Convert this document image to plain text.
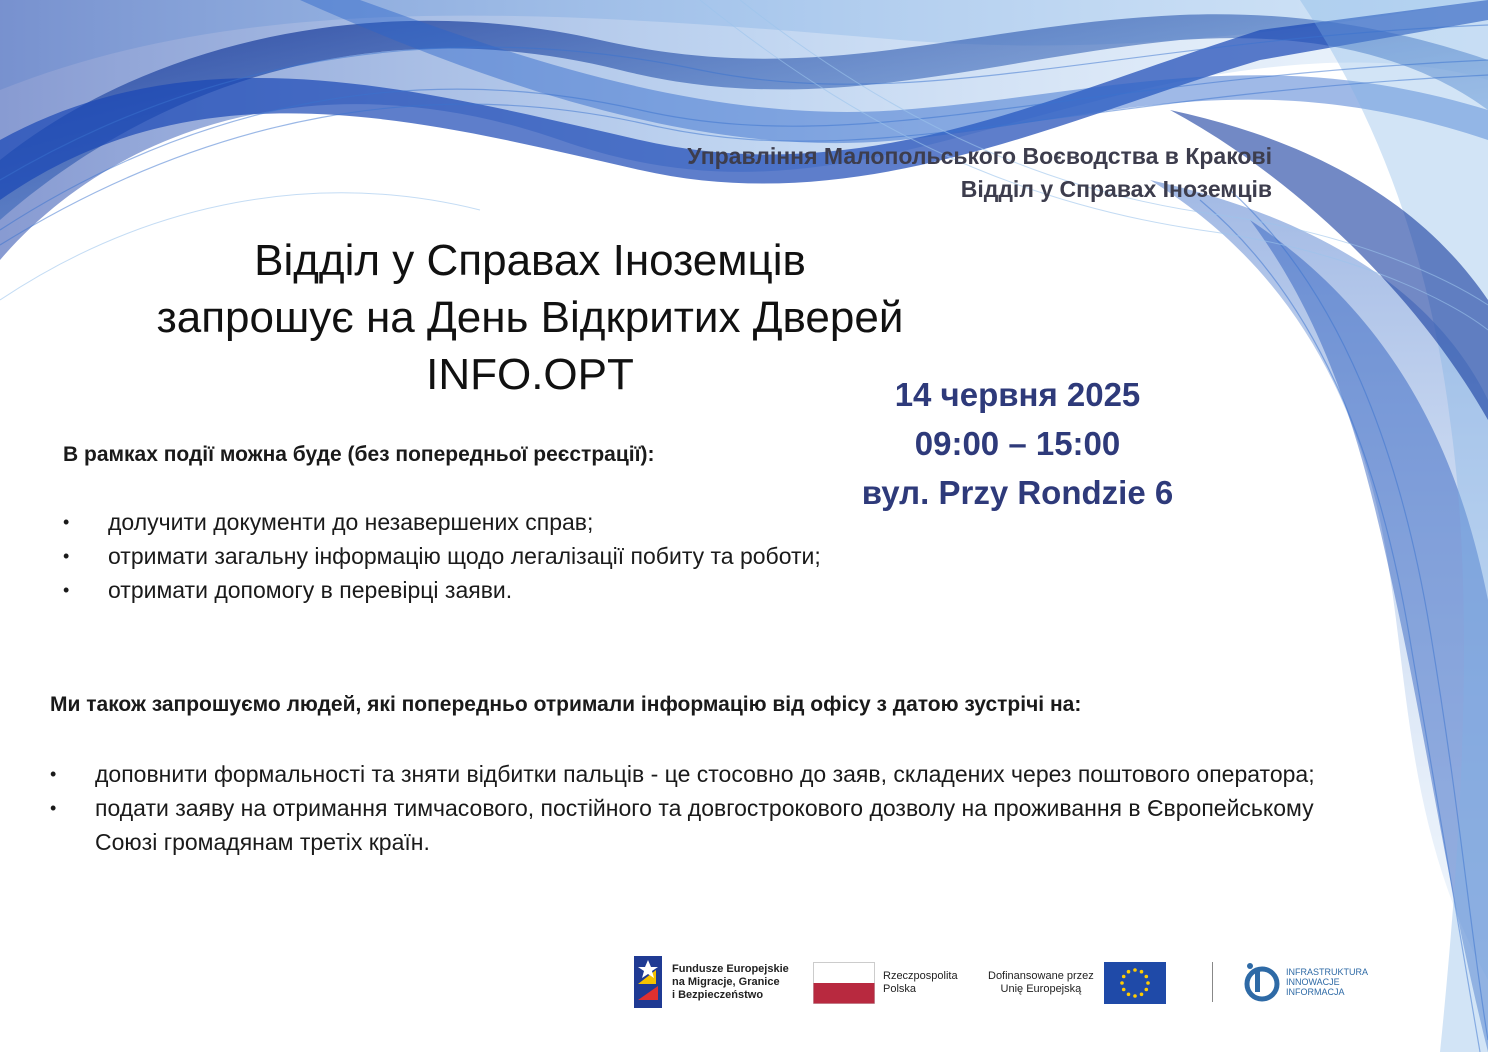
Управління Малопольського Воєводства в Кракові
Відділ у Справах Іноземців
Відділ у Справах Іноземців
запрошує на День Відкритих Дверей
INFO.OPT	14 червня 2025
09:00 – 15:00
вул. Przy Rondzie 6
В рамках події можна буде (без попередньої реєстрації):
• долучити документи до незавершених справ;
• отримати загальну інформацію щодо легалізації побиту та роботи;
• отримати допомогу в перевірці заяви.
Ми також запрошуємо людей, які попередньо отримали інформацію від офісу з датою зустрічі на:
• доповнити формальності та зняти відбитки пальців - це стосовно до заяв, складених через поштового оператора;
• подати заяву на отримання тимчасового, постійного та довгострокового дозволу на проживання в Європейському Союзі громадянам третіх країн.
Fundusze Europejskie
na Migracje, Granice
i Bezpieczeństwo
Rzeczpospolita
Polska
Dofinansowane przez
Unię Europejską
INFRASTRUKTURA
INNOWACJE
INFORMACJA
